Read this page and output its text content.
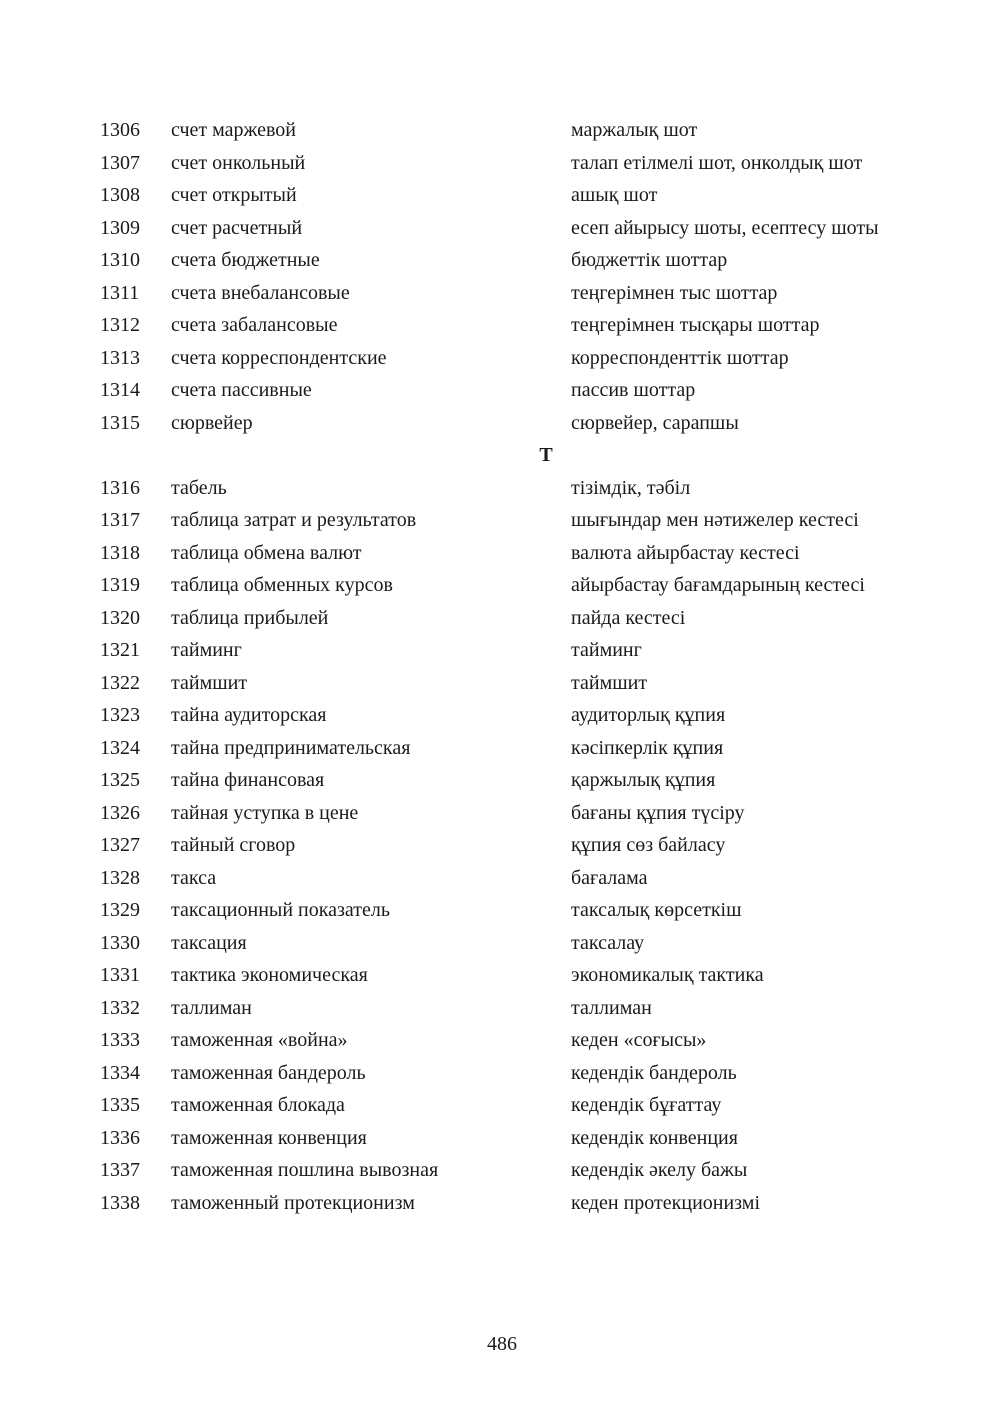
1306	счет маржевой	маржалық шот
1307	счет онкольный	талап етілмелі шот, онколдық шот
1308	счет открытый	ашық шот
1309	счет расчетный	есеп айырысу шоты, есептесу шоты
1310	счета бюджетные	бюджеттік шоттар
1311	счета внебалансовые	теңгерімнен тыс шоттар
1312	счета забалансовые	теңгерімнен тысқары шоттар
1313	счета корреспондентские	корреспонденттік шоттар
1314	счета пассивные	пассив шоттар
1315	сюрвейер	сюрвейер, сарапшы
Т
1316	табель	тізімдік, тәбіл
1317	таблица затрат и результатов	шығындар мен нәтижелер кестесі
1318	таблица обмена валют	валюта айырбастау кестесі
1319	таблица обменных курсов	айырбастау бағамдарының кестесі
1320	таблица прибылей	пайда кестесі
1321	тайминг	тайминг
1322	таймшит	таймшит
1323	тайна аудиторская	аудиторлық құпия
1324	тайна предпринимательская	кәсіпкерлік құпия
1325	тайна финансовая	қаржылық құпия
1326	тайная уступка в цене	бағаны құпия түсіру
1327	тайный сговор	құпия сөз байласу
1328	такса	бағалама
1329	таксационный показатель	таксалық көрсеткіш
1330	таксация	таксалау
1331	тактика экономическая	экономикалық тактика
1332	таллиман	таллиман
1333	таможенная «война»	кеден «соғысы»
1334	таможенная бандероль	кедендік бандероль
1335	таможенная блокада	кедендік бұғаттау
1336	таможенная конвенция	кедендік конвенция
1337	таможенная пошлина вывозная	кедендік әкелу бажы
1338	таможенный протекционизм	кеден протекционизмі
486
